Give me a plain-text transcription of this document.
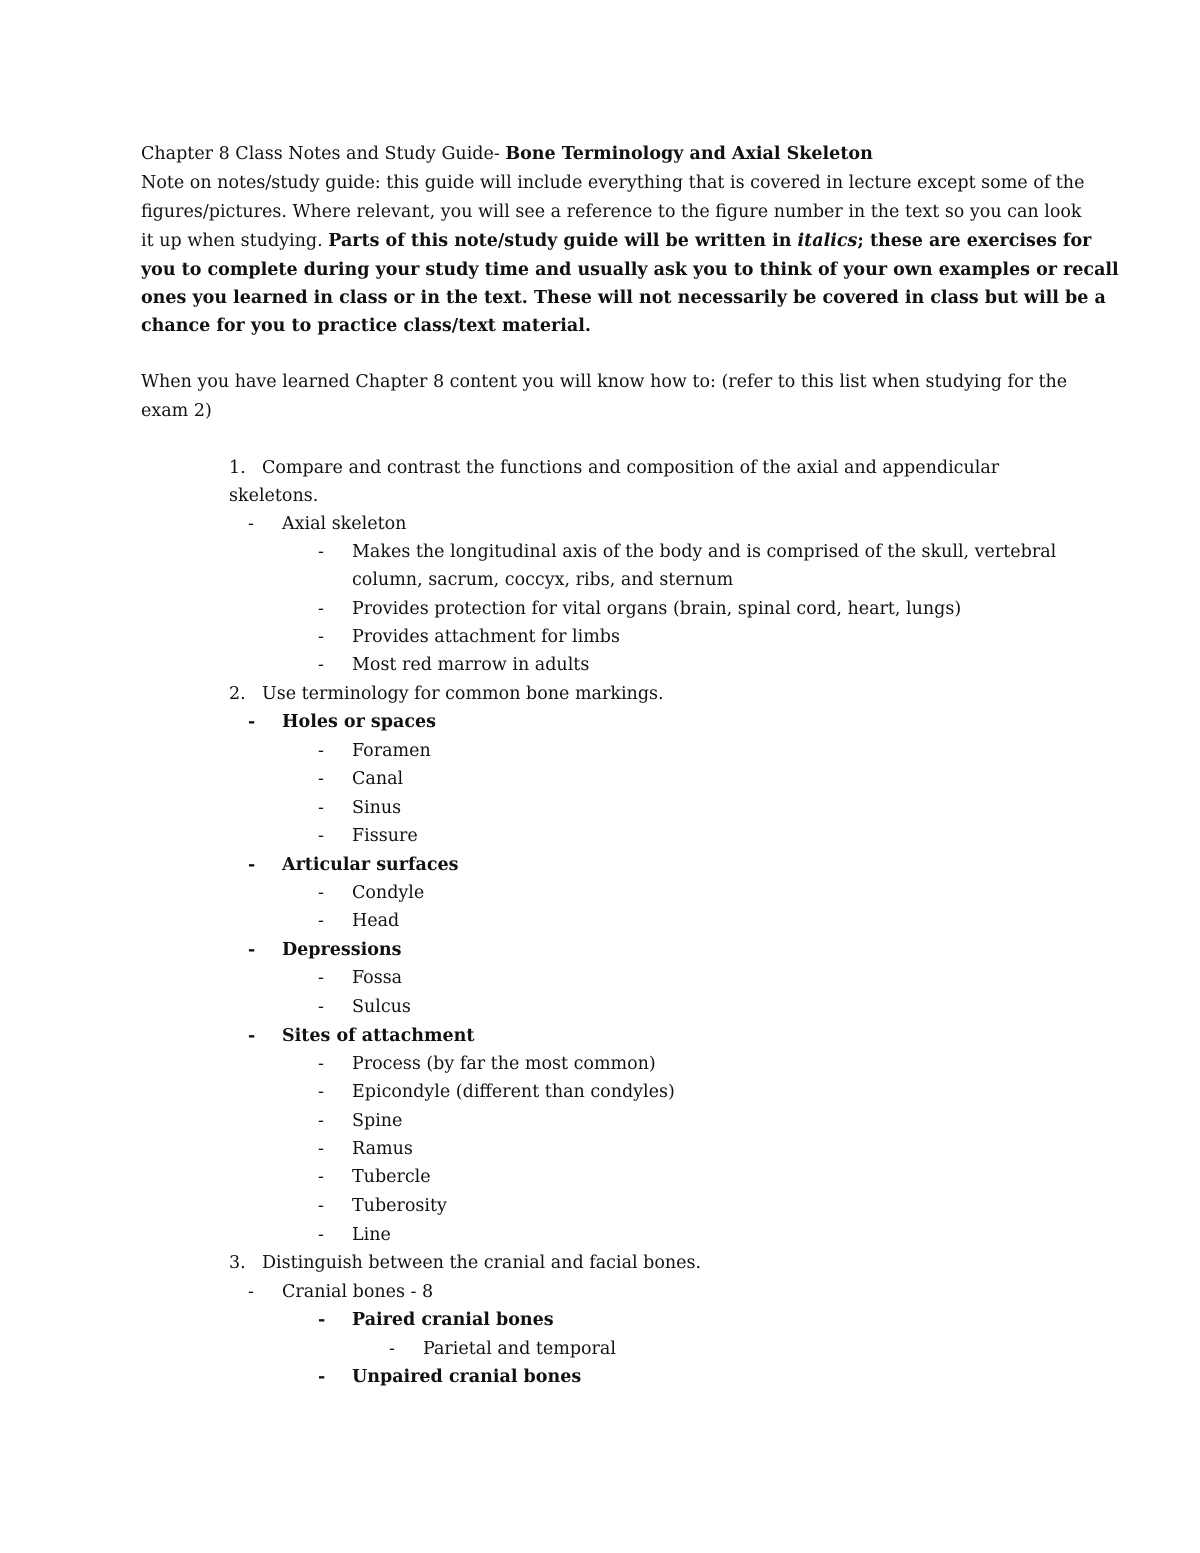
Chapter 8 Class Notes and Study Guide- Bone Terminology and Axial Skeleton
Note on notes/study guide: this guide will include everything that is covered in lecture except some of the
figures/pictures. Where relevant, you will see a reference to the figure number in the text so you can look
it up when studying. Parts of this note/study guide will be written in italics; these are exercises for
you to complete during your study time and usually ask you to think of your own examples or recall
ones you learned in class or in the text. These will not necessarily be covered in class but will be a
chance for you to practice class/text material.
When you have learned Chapter 8 content you will know how to: (refer to this list when studying for the
exam 2)
1. Compare and contrast the functions and composition of the axial and appendicular
skeletons.
- Axial skeleton
- Makes the longitudinal axis of the body and is comprised of the skull, vertebral
column, sacrum, coccyx, ribs, and sternum
- Provides protection for vital organs (brain, spinal cord, heart, lungs)
- Provides attachment for limbs
- Most red marrow in adults
2. Use terminology for common bone markings.
- Holes or spaces
- Foramen
- Canal
- Sinus
- Fissure
- Articular surfaces
- Condyle
- Head
- Depressions
- Fossa
- Sulcus
- Sites of attachment
- Process (by far the most common)
- Epicondyle (different than condyles)
- Spine
- Ramus
- Tubercle
- Tuberosity
- Line
3. Distinguish between the cranial and facial bones.
- Cranial bones - 8
- Paired cranial bones
- Parietal and temporal
- Unpaired cranial bones
